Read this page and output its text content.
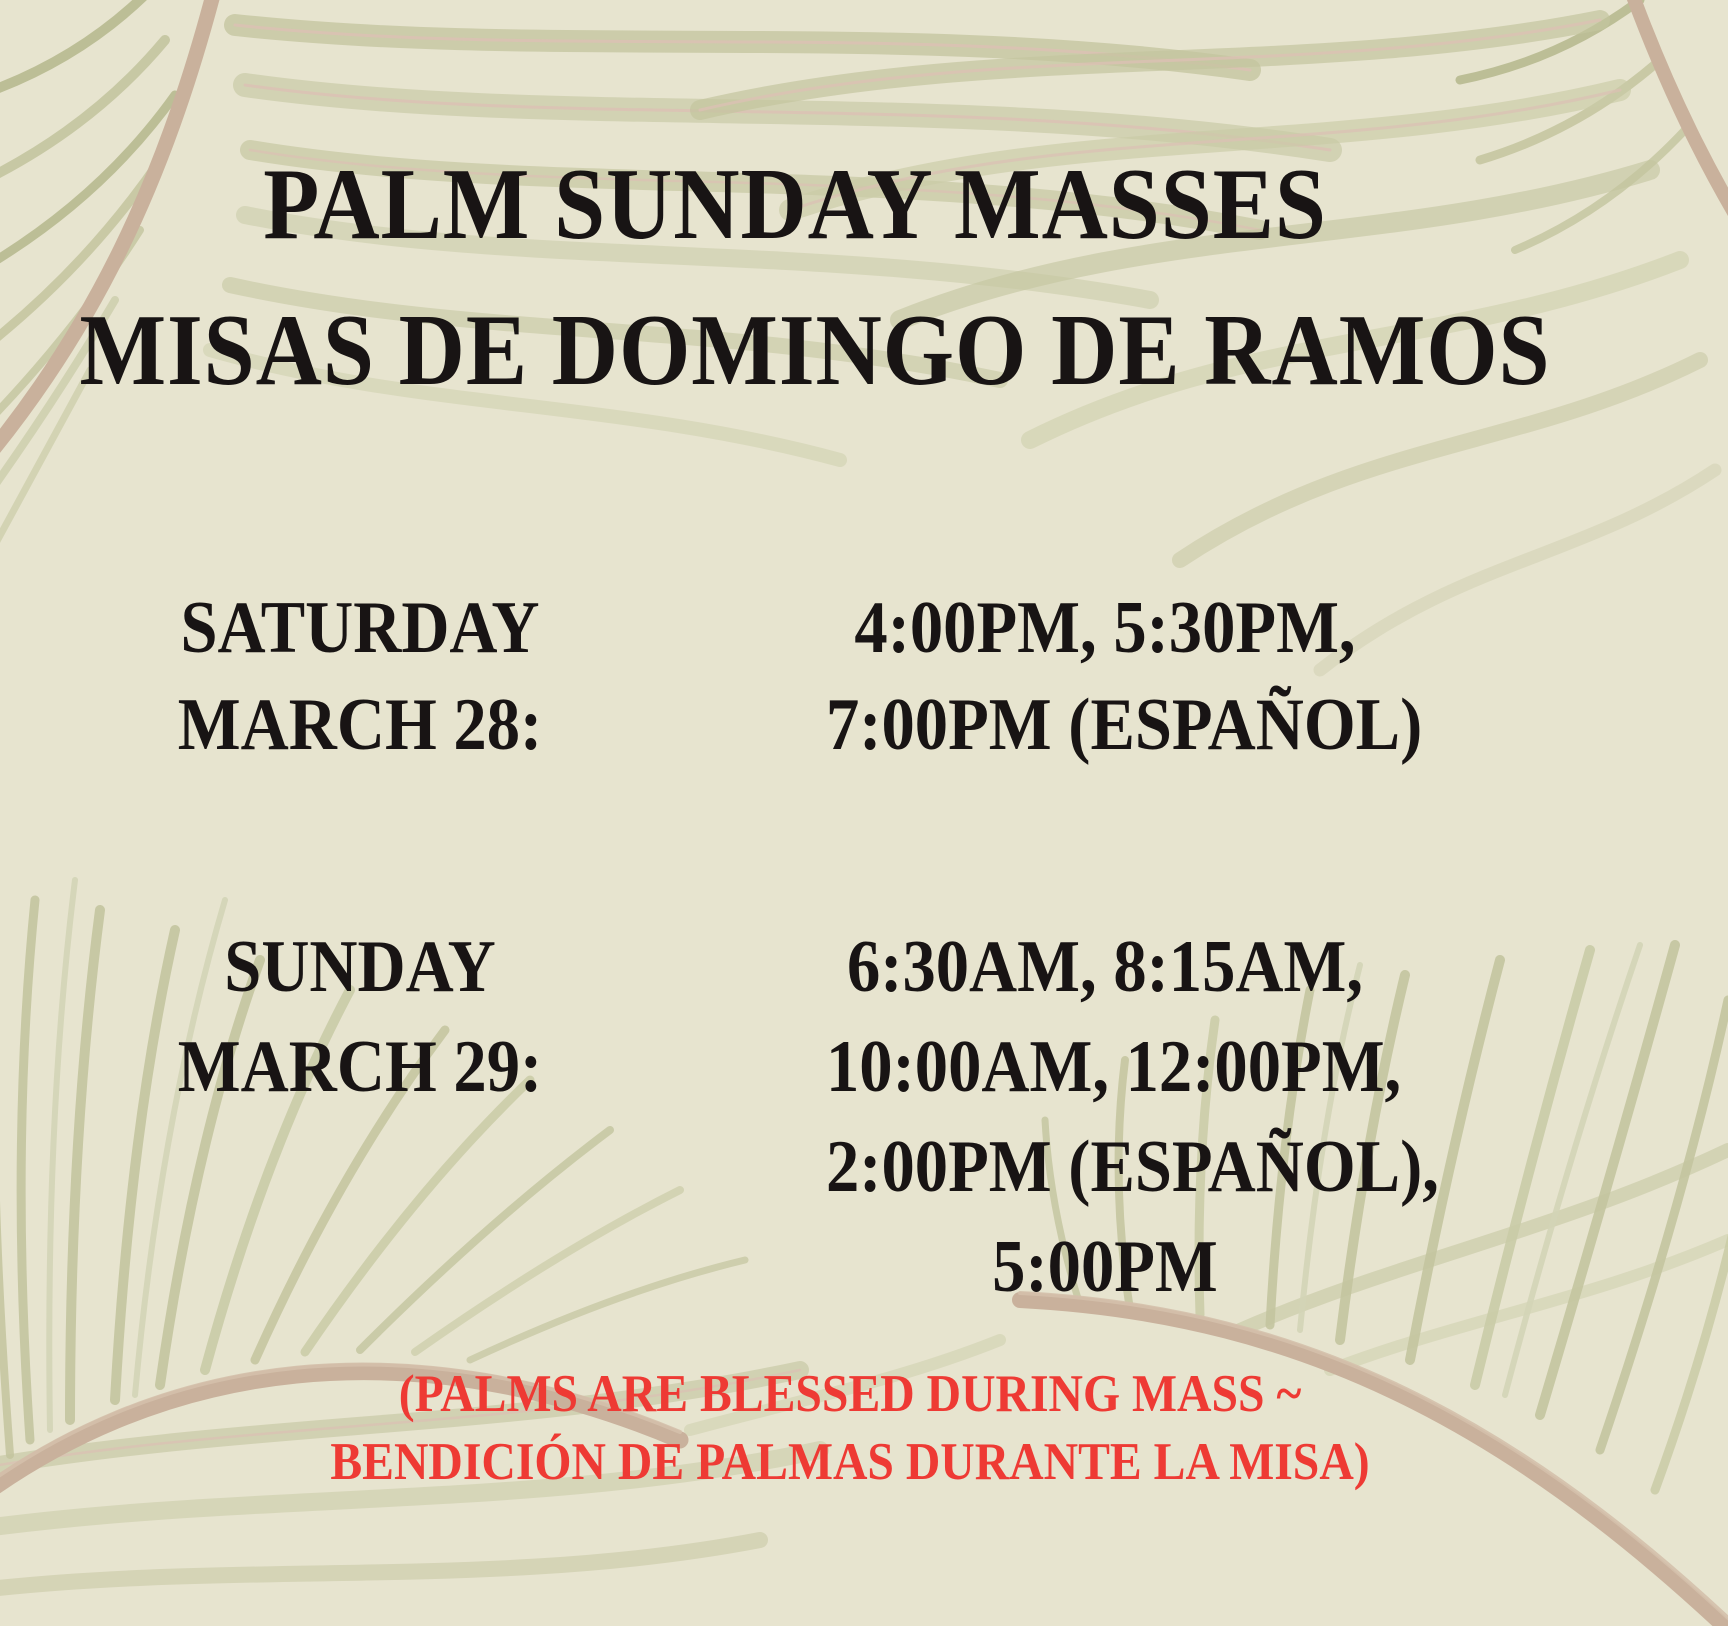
PALM SUNDAY MASSES
MISAS DE DOMINGO DE RAMOS
SATURDAY
MARCH 28:
4:00PM, 5:30PM,
7:00PM (ESPAÑOL)
SUNDAY
MARCH 29:
6:30AM, 8:15AM,
10:00AM, 12:00PM,
2:00PM (ESPAÑOL),
5:00PM
(PALMS ARE BLESSED DURING MASS ~
BENDICIÓN DE PALMAS DURANTE LA MISA)
